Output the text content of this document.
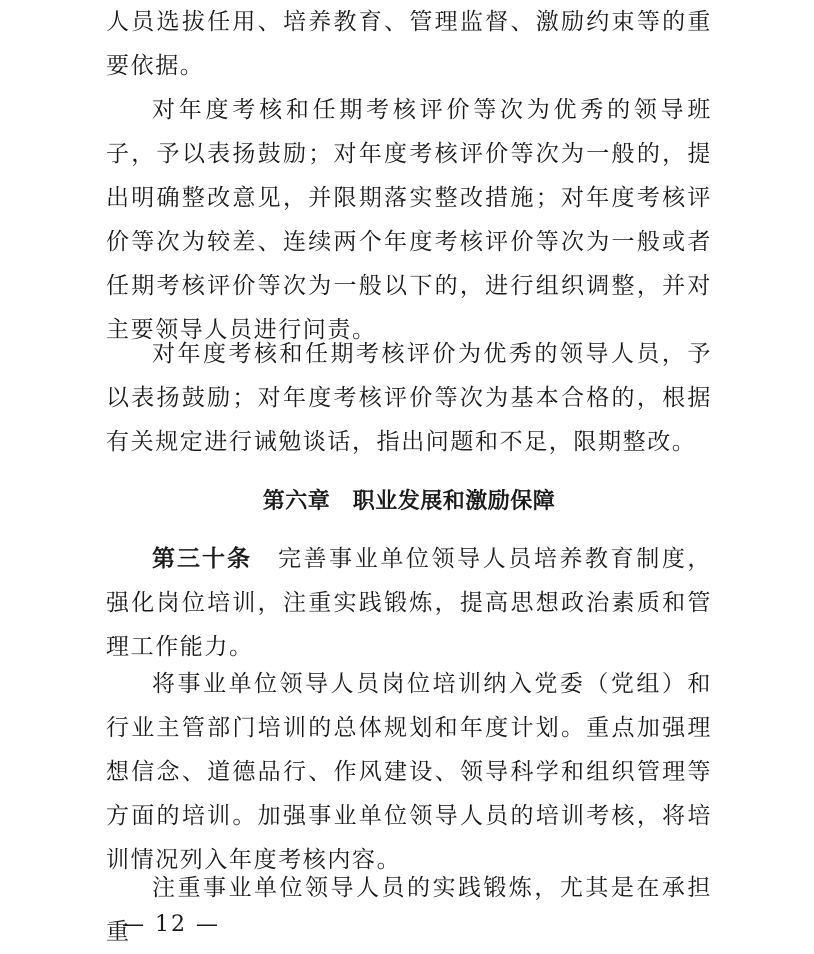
人员选拔任用、培养教育、管理监督、激励约束等的重要依据。

对年度考核和任期考核评价等次为优秀的领导班子，予以表扬鼓励；对年度考核评价等次为一般的，提出明确整改意见，并限期落实整改措施；对年度考核评价等次为较差、连续两个年度考核评价等次为一般或者任期考核评价等次为一般以下的，进行组织调整，并对主要领导人员进行问责。

对年度考核和任期考核评价为优秀的领导人员，予以表扬鼓励；对年度考核评价等次为基本合格的，根据有关规定进行诫勉谈话，指出问题和不足，限期整改。

第六章　职业发展和激励保障

第三十条 完善事业单位领导人员培养教育制度，强化岗位培训，注重实践锻炼，提高思想政治素质和管理工作能力。

将事业单位领导人员岗位培训纳入党委（党组）和行业主管部门培训的总体规划和年度计划。重点加强理想信念、道德品行、作风建设、领导科学和组织管理等方面的培训。加强事业单位领导人员的培训考核，将培训情况列入年度考核内容。

注重事业单位领导人员的实践锻炼，尤其是在承担重

— 12 —
